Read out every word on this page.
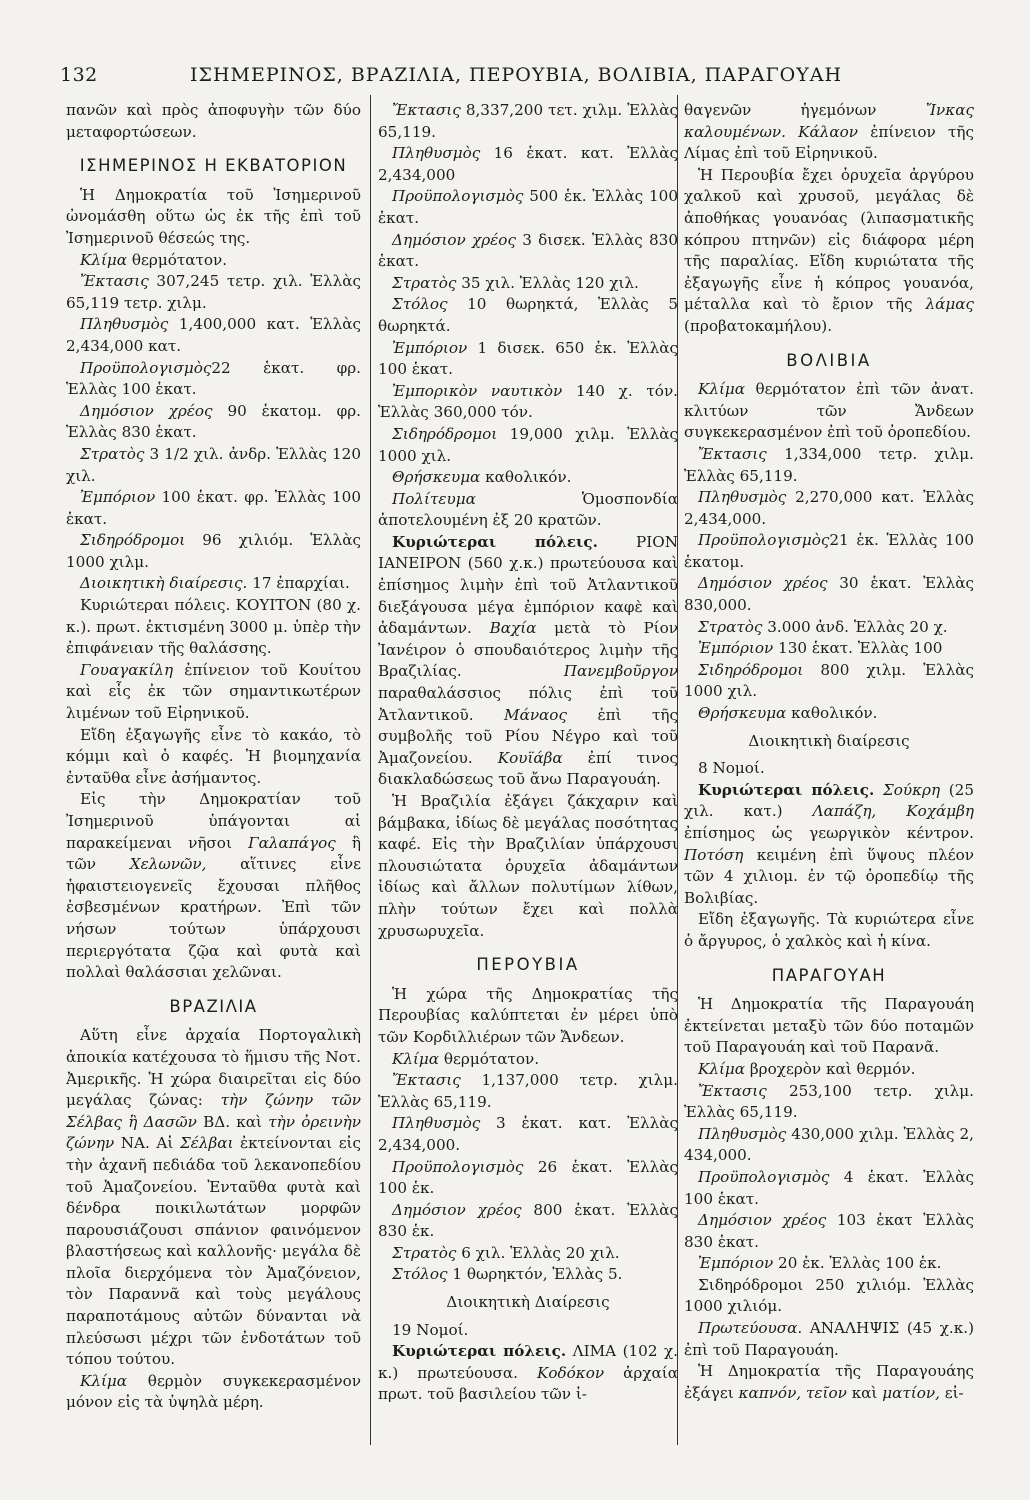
132	ΙΣΗΜΕΡΙΝΟΣ, ΒΡΑΖΙΛΙΑ, ΠΕΡΟΥΒΙΑ, ΒΟΛΙΒΙΑ, ΠΑΡΑΓΟΥΑΗ

πανῶν καὶ πρὸς ἀποφυγὴν τῶν δύο μεταφορτώσεων.

ΙΣΗΜΕΡΙΝΟΣ Η ΕΚΒΑΤΟΡΙΟΝ

Ἡ Δημοκρατία τοῦ Ἰσημερινοῦ ὠνομάσθη οὕτω ὡς ἐκ τῆς ἐπὶ τοῦ Ἰσημερινοῦ θέσεώς της.

Κλίμα θερμότατον.

Ἔκτασις 307,245 τετρ. χιλ. Ἑλλὰς 65,119 τετρ. χιλμ.

Πληθυσμὸς 1,400,000 κατ. Ἑλλὰς 2,434,000 κατ.

Προϋπολογισμὸς22 ἑκατ. φρ. Ἑλλὰς 100 ἑκατ.

Δημόσιον χρέος 90 ἑκατομ. φρ. Ἑλλὰς 830 ἑκατ.

Στρατὸς 3 1/2 χιλ. ἀνδρ. Ἑλλὰς 120 χιλ.

Ἐμπόριον 100 ἑκατ. φρ. Ἑλλὰς 100 ἑκατ.

Σιδηρόδρομοι 96 χιλιόμ. Ἑλλὰς 1000 χιλμ.

Διοικητικὴ διαίρεσις. 17 ἐπαρχίαι.

Κυριώτεραι πόλεις. ΚΟΥΙΤΟΝ (80 χ. κ.). πρωτ. ἐκτισμένη 3000 μ. ὑπὲρ τὴν ἐπιφάνειαν τῆς θαλάσσης.

Γουαγακίλη ἐπίνειον τοῦ Κουίτου καὶ εἷς ἐκ τῶν σημαντικωτέρων λιμένων τοῦ Εἰρηνικοῦ.

Εἴδη ἐξαγωγῆς εἶνε τὸ κακάο, τὸ κόμμι καὶ ὁ καφές. Ἡ βιομηχανία ἐνταῦθα εἶνε ἀσήμαντος.

Εἰς τὴν Δημοκρατίαν τοῦ Ἰσημερινοῦ ὑπάγονται αἱ παρακείμεναι νῆσοι Γαλαπάγος ἢ τῶν Χελωνῶν, αἵτινες εἶνε ἡφαιστειογενεῖς ἔχουσαι πλῆθος ἐσβεσμένων κρατήρων. Ἐπὶ τῶν νήσων τούτων ὑπάρχουσι περιεργότατα ζῷα καὶ φυτὰ καὶ πολλαὶ θαλάσσιαι χελῶναι.

ΒΡΑΖΙΛΙΑ

Αὕτη εἶνε ἀρχαία Πορτογαλικὴ ἀποικία κατέχουσα τὸ ἥμισυ τῆς Νοτ. Ἀμερικῆς. Ἡ χώρα διαιρεῖται εἰς δύο μεγάλας ζώνας: τὴν ζώνην τῶν Σέλβας ἢ Δασῶν ΒΔ. καὶ τὴν ὀρεινὴν ζώνην ΝΑ. Αἱ Σέλβαι ἐκτείνονται εἰς τὴν ἀχανῆ πεδιάδα τοῦ λεκανοπεδίου τοῦ Ἀμαζονείου. Ἐνταῦθα φυτὰ καὶ δένδρα ποικιλωτάτων μορφῶν παρουσιάζουσι σπάνιον φαινόμενον βλαστήσεως καὶ καλλονῆς· μεγάλα δὲ πλοῖα διερχόμενα τὸν Ἀμαζόνειον, τὸν Παραννᾶ καὶ τοὺς μεγάλους παραποτάμους αὐτῶν δύνανται νὰ πλεύσωσι μέχρι τῶν ἐνδοτάτων τοῦ τόπου τούτου.

Κλίμα θερμὸν συγκεκερασμένον μόνον εἰς τὰ ὑψηλὰ μέρη.

Ἔκτασις 8,337,200 τετ. χιλμ. Ἑλλὰς 65,119.

Πληθυσμὸς 16 ἑκατ. κατ. Ἑλλὰς 2,434,000

Προϋπολογισμὸς 500 ἑκ. Ἑλλὰς 100 ἑκατ.

Δημόσιον χρέος 3 δισεκ. Ἑλλὰς 830 ἑκατ.

Στρατὸς 35 χιλ. Ἑλλὰς 120 χιλ.

Στόλος 10 θωρηκτά, Ἑλλὰς 5 θωρηκτά.

Ἐμπόριον 1 δισεκ. 650 ἑκ. Ἑλλὰς 100 ἑκατ.

Ἐμπορικὸν ναυτικὸν 140 χ. τόν. Ἑλλὰς 360,000 τόν.

Σιδηρόδρομοι 19,000 χιλμ. Ἑλλὰς 1000 χιλ.

Θρήσκευμα καθολικόν.

Πολίτευμα	Ὁμοσπονδία ἀποτελουμένη ἐξ 20 κρατῶν.

Κυριώτεραι πόλεις.	ΡΙΟΝ ΙΑΝΕΙΡΟΝ (560 χ.κ.) πρωτεύουσα καὶ ἐπίσημος λιμὴν ἐπὶ τοῦ Ἀτλαντικοῦ διεξάγουσα μέγα ἐμπόριον καφὲ καὶ ἀδαμάντων. Βαχία μετὰ τὸ Ρίον Ἰανέιρον ὁ σπουδαιότερος λιμὴν τῆς Βραζιλίας.	Πανεμβοῦργον παραθαλάσσιος πόλις ἐπὶ τοῦ Ἀτλαντικοῦ. Μάναος ἐπὶ τῆς συμβολῆς τοῦ Ρίου Νέγρο καὶ τοῦ Ἀμαζονείου. Κουϊάβα ἐπί τινος διακλαδώσεως τοῦ ἄνω Παραγουάη.

Ἡ Βραζιλία ἐξάγει ζάκχαριν καὶ βάμβακα, ἰδίως δὲ μεγάλας ποσότητας καφέ. Εἰς τὴν Βραζιλίαν ὑπάρχουσι πλουσιώτατα ὀρυχεῖα ἀδαμάντων ἰδίως καὶ ἄλλων πολυτίμων λίθων, πλὴν τούτων ἔχει καὶ πολλὰ χρυσωρυχεῖα.

ΠΕΡΟΥΒΙΑ

Ἡ χώρα τῆς Δημοκρατίας τῆς Περουβίας καλύπτεται ἐν μέρει ὑπὸ τῶν Κορδιλλιέρων τῶν Ἄνδεων.

Κλίμα θερμότατον.

Ἔκτασις 1,137,000 τετρ. χιλμ. Ἑλλὰς 65,119.

Πληθυσμὸς 3 ἑκατ. κατ. Ἑλλὰς 2,434,000.

Προϋπολογισμὸς 26 ἑκατ. Ἑλλὰς 100 ἑκ.

Δημόσιον χρέος 800 ἑκατ. Ἑλλὰς 830 ἑκ.

Στρατὸς 6 χιλ. Ἑλλὰς 20 χιλ.

Στόλος 1 θωρηκτόν, Ἑλλὰς 5.

Διοικητικὴ Διαίρεσις

19 Νομοί.

Κυριώτεραι πόλεις. ΛΙΜΑ (102 χ. κ.) πρωτεύουσα. Κοδόκον ἀρχαία πρωτ. τοῦ βασιλείου τῶν ἰ-

θαγενῶν ἡγεμόνων	Ἴνκας καλουμένων. Κάλαον ἐπίνειον τῆς Λίμας ἐπὶ τοῦ Εἰρηνικοῦ.

Ἡ Περουβία ἔχει ὀρυχεῖα ἀργύρου χαλκοῦ καὶ χρυσοῦ, μεγάλας δὲ ἀποθήκας γουανόας (λιπασματικῆς κόπρου πτηνῶν) εἰς διάφορα μέρη τῆς παραλίας. Εἴδη κυριώτατα τῆς ἐξαγωγῆς εἶνε ἡ κόπρος γουανόα, μέταλλα καὶ τὸ ἔριον τῆς λάμας (προβατοκαμήλου).

ΒΟΛΙΒΙΑ

Κλίμα θερμότατον ἐπὶ τῶν ἀνατ. κλιτύων τῶν Ἄνδεων συγκεκερασμένον ἐπὶ τοῦ ὀροπεδίου.

Ἔκτασις 1,334,000 τετρ. χιλμ. Ἑλλὰς 65,119.

Πληθυσμὸς 2,270,000 κατ. Ἑλλὰς 2,434,000.

Προϋπολογισμὸς21 ἑκ. Ἑλλὰς 100 ἑκατομ.

Δημόσιον χρέος 30 ἑκατ. Ἑλλὰς 830,000.

Στρατὸς 3.000 ἀνδ. Ἑλλὰς 20 χ.

Ἐμπόριον 130 ἑκατ. Ἑλλὰς 100

Σιδηρόδρομοι 800 χιλμ. Ἑλλὰς 1000 χιλ.

Θρήσκευμα καθολικόν.

Διοικητικὴ διαίρεσις

8 Νομοί.

Κυριώτεραι πόλεις. Σούκρη (25 χιλ. κατ.) Λαπάζη, Κοχάμβη ἐπίσημος ὡς γεωργικὸν κέντρον. Ποτόση κειμένη ἐπὶ ὕψους πλέον τῶν 4 χιλιομ. ἐν τῷ ὀροπεδίῳ τῆς Βολιβίας.

Εἴδη ἐξαγωγῆς. Τὰ κυριώτερα εἶνε ὁ ἄργυρος, ὁ χαλκὸς καὶ ἡ κίνα.

ΠΑΡΑΓΟΥΑΗ

Ἡ Δημοκρατία τῆς Παραγουάη ἐκτείνεται μεταξὺ τῶν δύο ποταμῶν τοῦ Παραγουάη καὶ τοῦ Παρανᾶ.

Κλίμα βροχερὸν καὶ θερμόν.

Ἔκτασις 253,100 τετρ. χιλμ. Ἑλλὰς 65,119.

Πληθυσμὸς 430,000 χιλμ. Ἑλλὰς 2, 434,000.

Προϋπολογισμὸς 4 ἑκατ. Ἑλλὰς 100 ἑκατ.

Δημόσιον χρέος 103 ἑκατ Ἑλλὰς 830 ἑκατ.

Ἐμπόριον 20 ἑκ. Ἑλλὰς 100 ἑκ.

Σιδηρόδρομοι 250 χιλιόμ. Ἑλλὰς 1000 χιλιόμ.

Πρωτεύουσα. ΑΝΑΛΗΨΙΣ (45 χ.κ.) ἐπὶ τοῦ Παραγουάη.

Ἡ Δημοκρατία τῆς Παραγουάης ἐξάγει καπνόν, τεῖον καὶ ματίον, εἰ-
